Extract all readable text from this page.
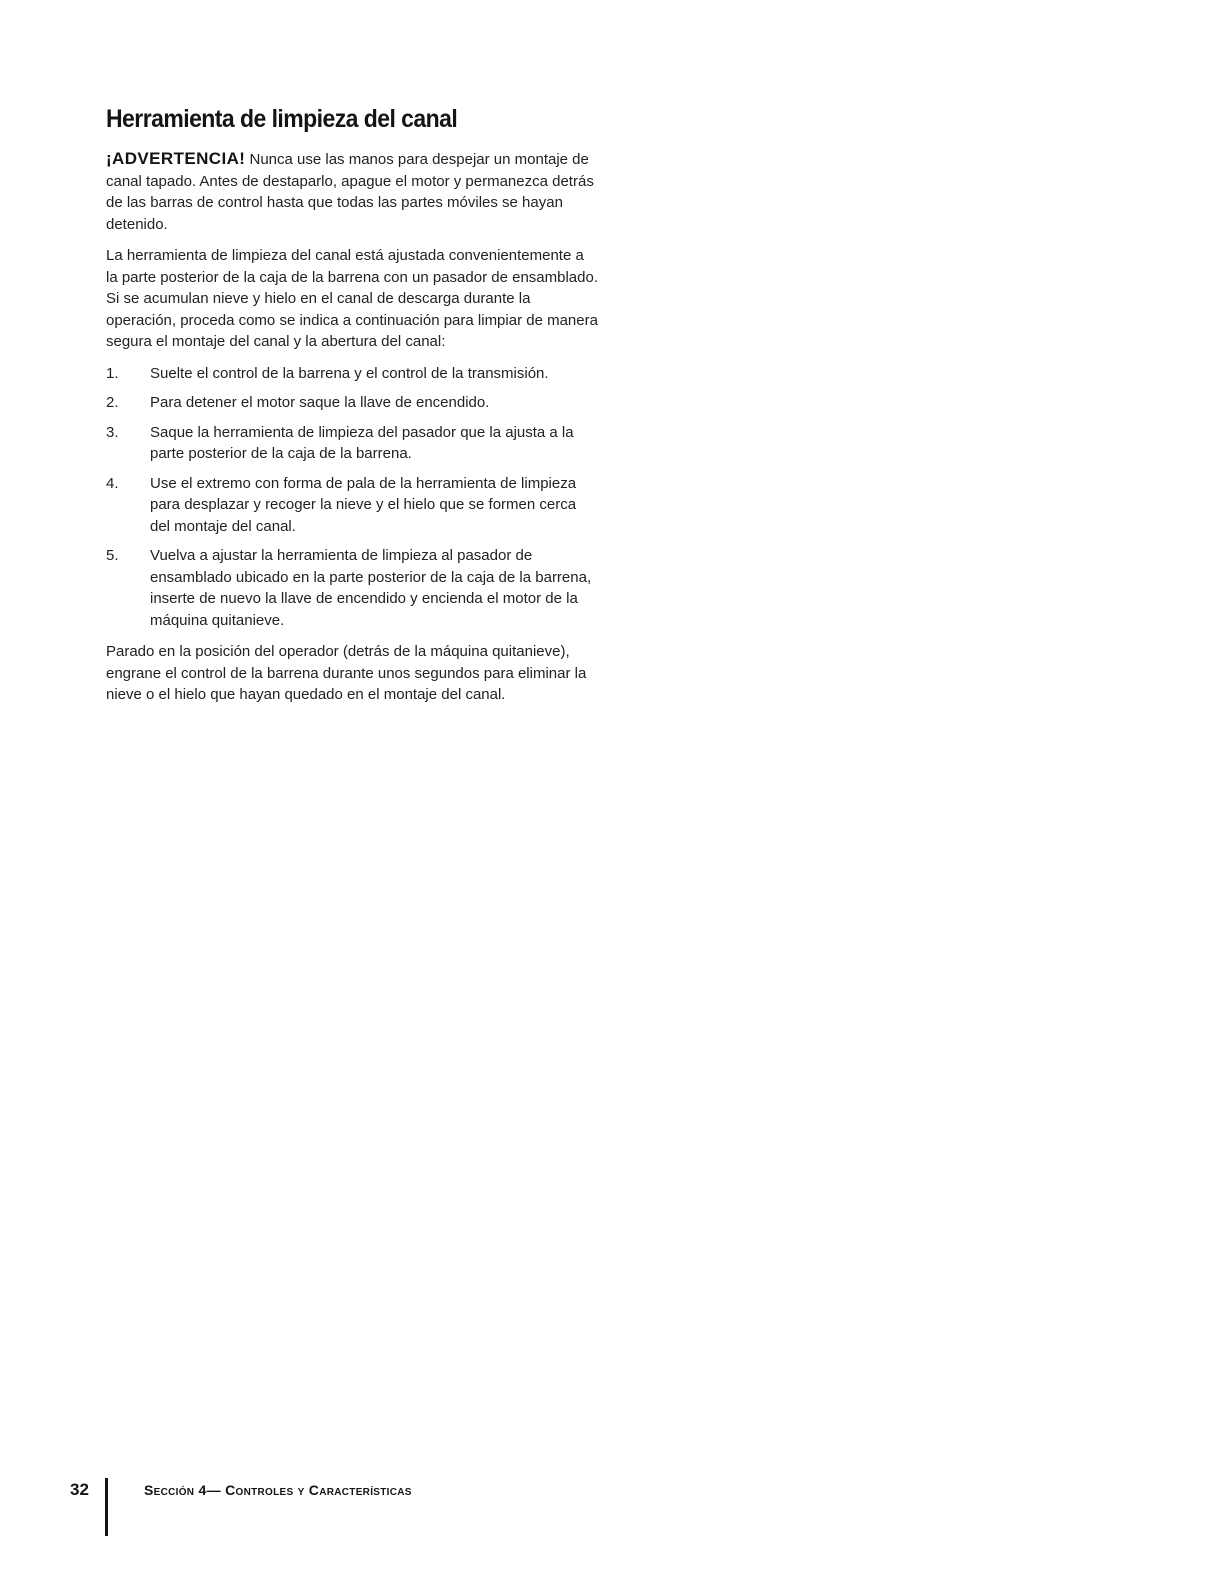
Herramienta de limpieza del canal

¡ADVERTENCIA! Nunca use las manos para despejar un montaje de canal tapado. Antes de destaparlo, apague el motor y permanezca detrás de las barras de control hasta que todas las partes móviles se hayan detenido.

La herramienta de limpieza del canal está ajustada convenientemente a la parte posterior de la caja de la barrena con un pasador de ensamblado. Si se acumulan nieve y hielo en el canal de descarga durante la operación, proceda como se indica a continuación para limpiar de manera segura el montaje del canal y la abertura del canal:

1.	Suelte el control de la barrena y el control de la transmisión.
2.	Para detener el motor saque la llave de encendido.
3.	Saque la herramienta de limpieza del pasador que la ajusta a la parte posterior de la caja de la barrena.
4.	Use el extremo con forma de pala de la herramienta de limpieza para desplazar y recoger la nieve y el hielo que se formen cerca del montaje del canal.
5.	Vuelva a ajustar la herramienta de limpieza al pasador de ensamblado ubicado en la parte posterior de la caja de la barrena, inserte de nuevo la llave de encendido y encienda el motor de la máquina quitanieve.

Parado en la posición del operador (detrás de la máquina quitanieve), engrane el control de la barrena durante unos segundos para eliminar la nieve o el hielo que hayan quedado en el montaje del canal.

32	Sección 4— Controles y Características
